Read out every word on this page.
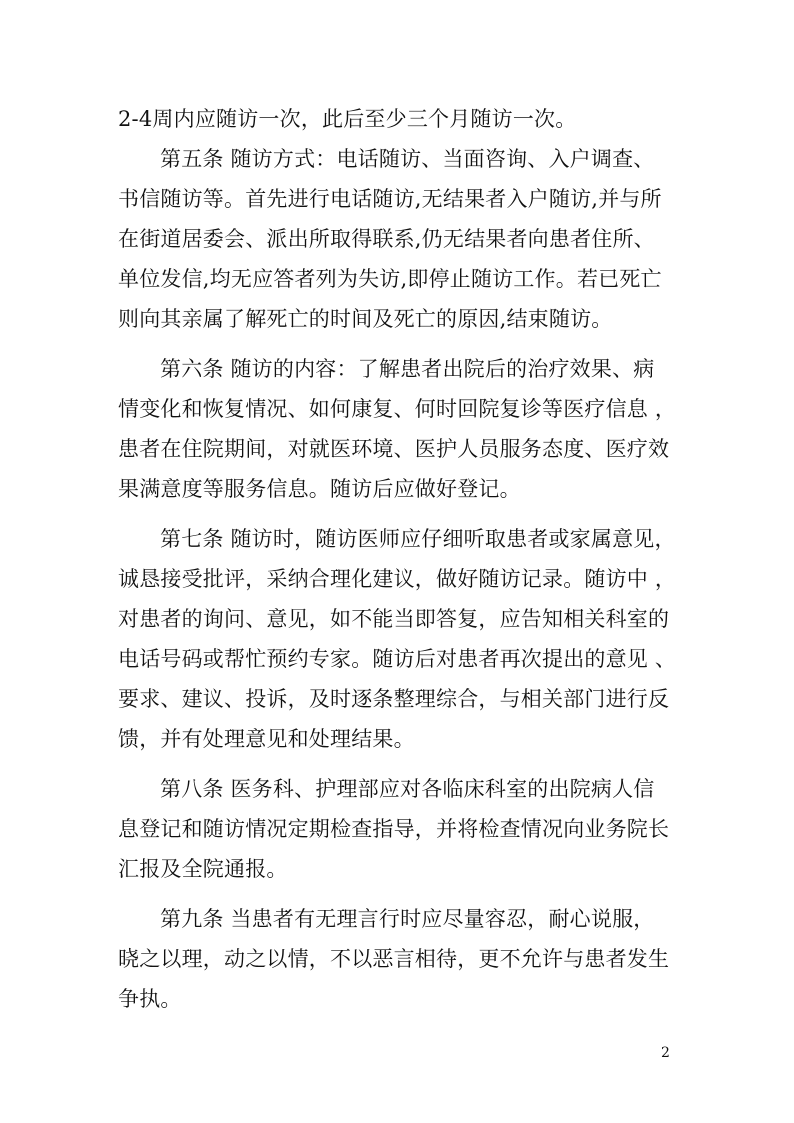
2-4周内应随访一次，此后至少三个月随访一次。
第五条 随访方式：电话随访、当面咨询、入户调查、
书信随访等。首先进行电话随访,无结果者入户随访,并与所
在街道居委会、派出所取得联系,仍无结果者向患者住所、
单位发信,均无应答者列为失访,即停止随访工作。若已死亡
则向其亲属了解死亡的时间及死亡的原因,结束随访。
第六条 随访的内容：了解患者出院后的治疗效果、病
情变化和恢复情况、如何康复、何时回院复诊等医疗信息 ，
患者在住院期间，对就医环境、医护人员服务态度、医疗效
果满意度等服务信息。随访后应做好登记。
第七条 随访时，随访医师应仔细听取患者或家属意见，
诚恳接受批评，采纳合理化建议，做好随访记录。随访中 ，
对患者的询问、意见，如不能当即答复，应告知相关科室的
电话号码或帮忙预约专家。随访后对患者再次提出的意见 、
要求、建议、投诉，及时逐条整理综合，与相关部门进行反
馈，并有处理意见和处理结果。
第八条 医务科、护理部应对各临床科室的出院病人信
息登记和随访情况定期检查指导，并将检查情况向业务院长
汇报及全院通报。
第九条 当患者有无理言行时应尽量容忍，耐心说服，
晓之以理，动之以情，不以恶言相待，更不允许与患者发生
争执。
2
